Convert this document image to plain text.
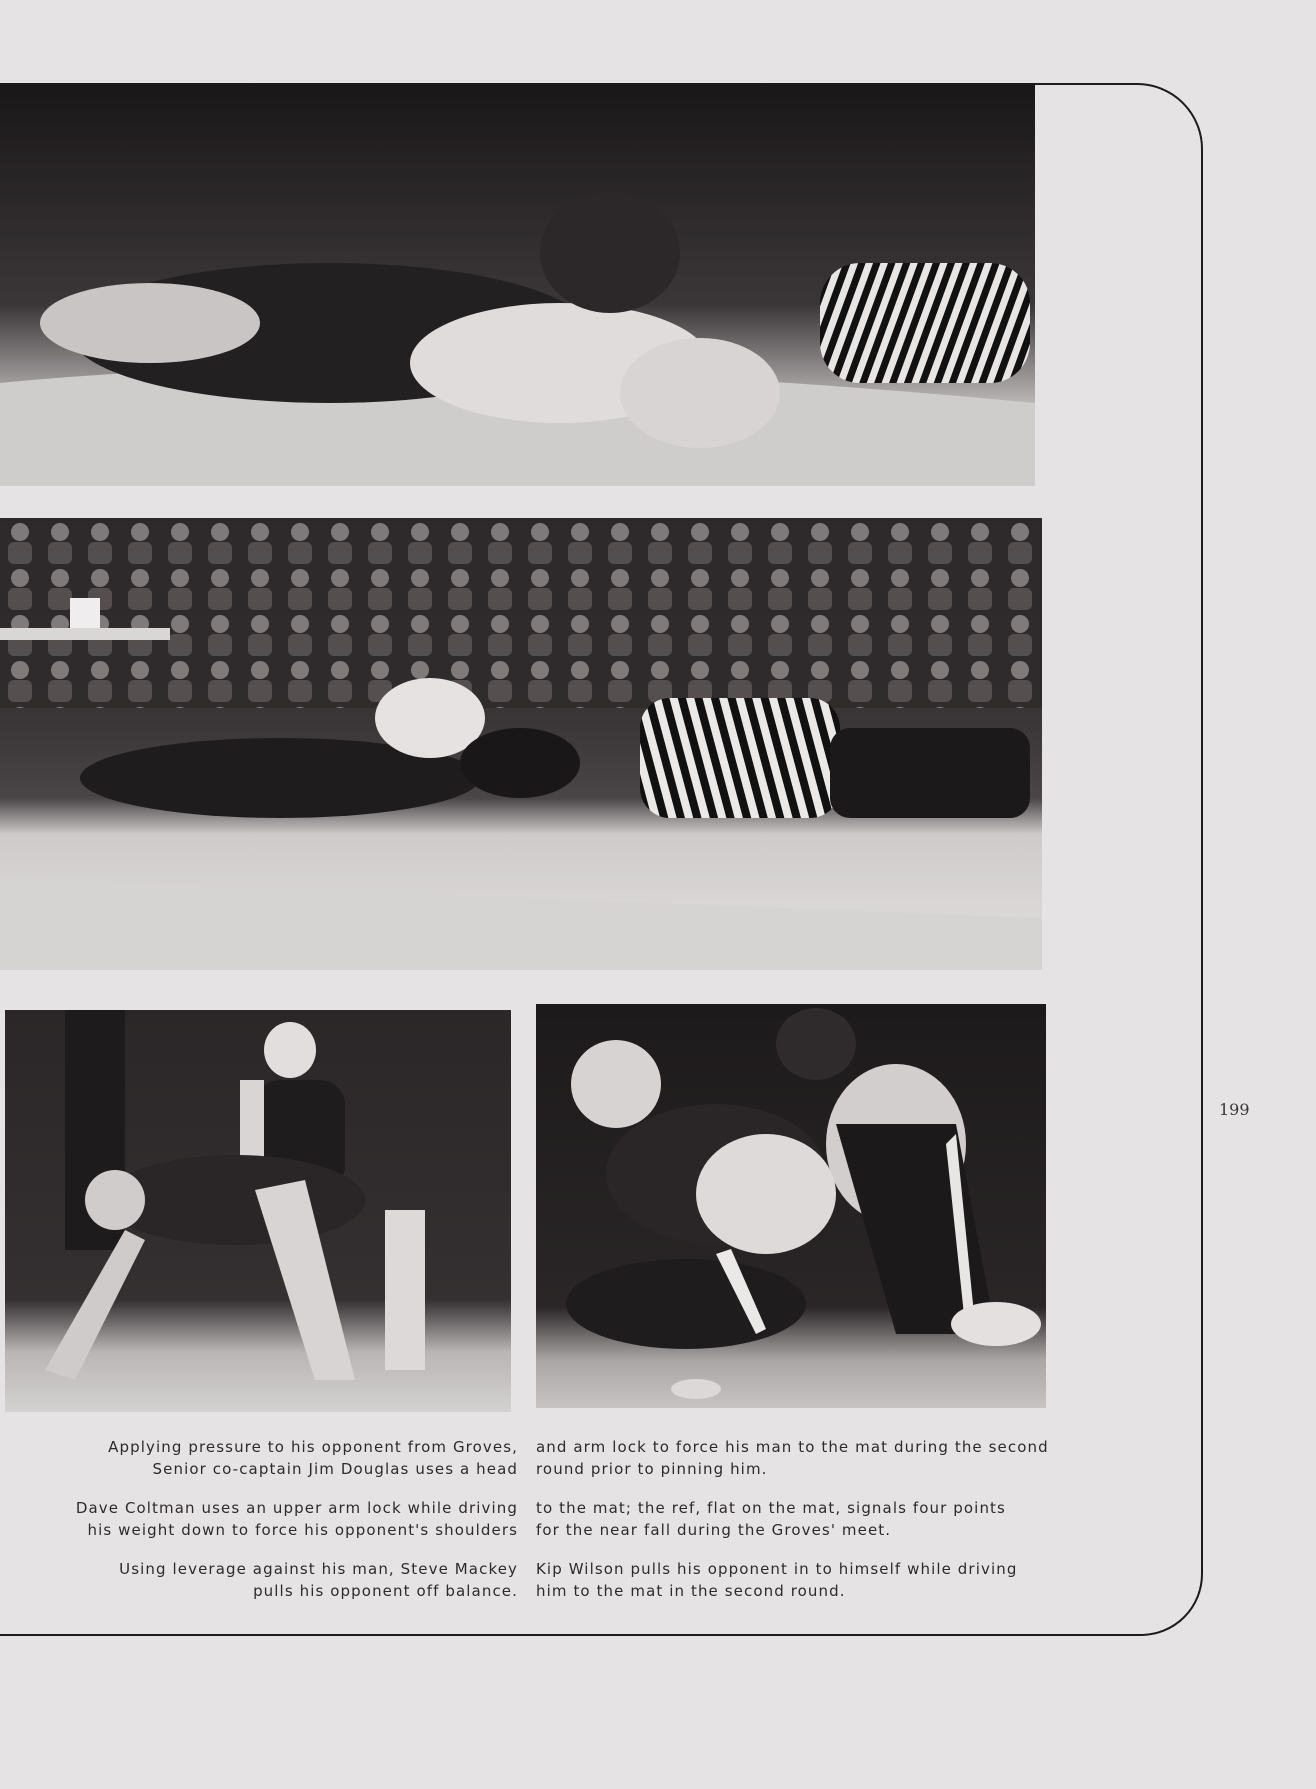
199
Applying pressure to his opponent from Groves,
Senior co-captain Jim Douglas uses a head
Dave Coltman uses an upper arm lock while driving
his weight down to force his opponent's shoulders
Using leverage against his man, Steve Mackey
pulls his opponent off balance.
and arm lock to force his man to the mat during the second
round prior to pinning him.
to the mat; the ref, flat on the mat, signals four points
for the near fall during the Groves' meet.
Kip Wilson pulls his opponent in to himself while driving
him to the mat in the second round.
